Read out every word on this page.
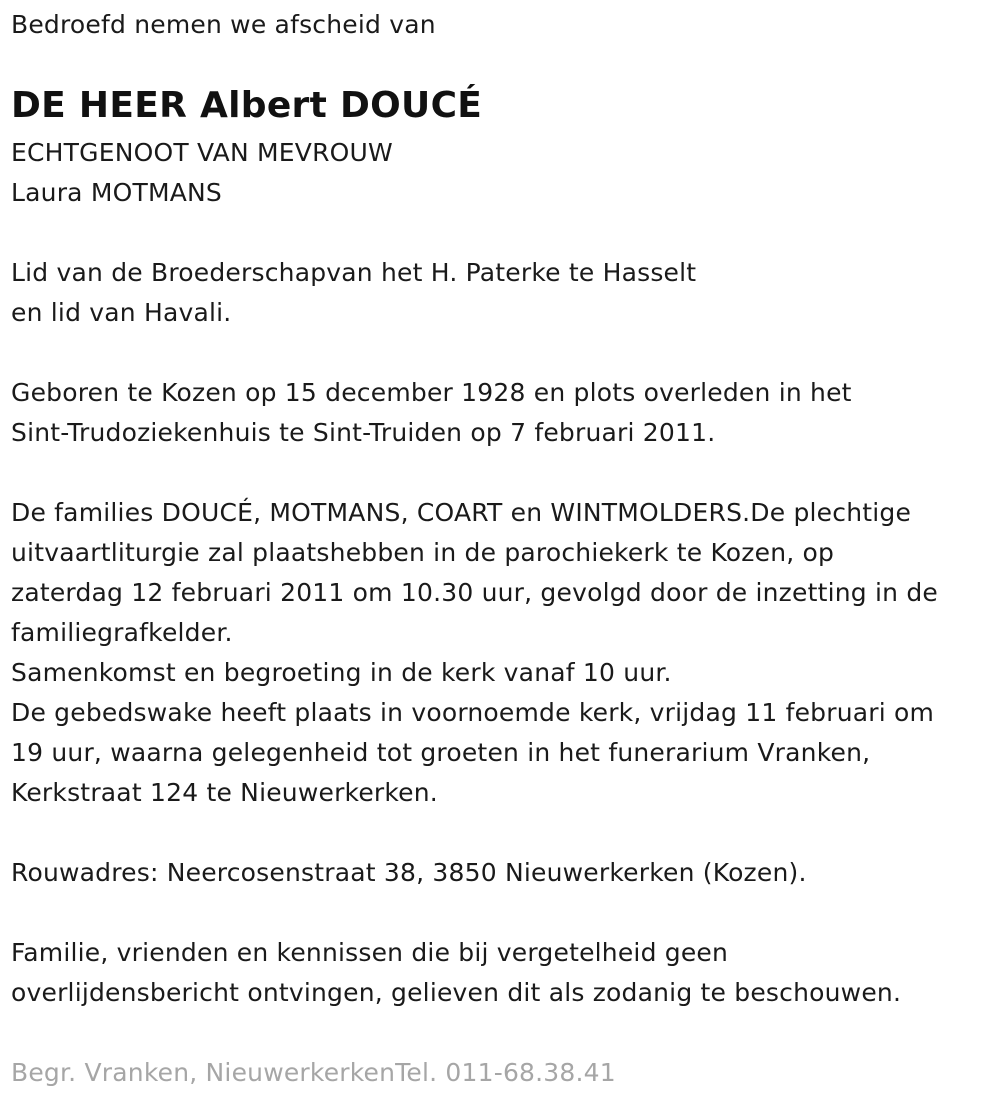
Bedroefd nemen we afscheid van
DE HEER Albert DOUCÉ
ECHTGENOOT VAN MEVROUW
Laura MOTMANS
Lid van de Broederschapvan het H. Paterke te Hasselt
en lid van Havali.
Geboren te Kozen op 15 december 1928 en plots overleden in het
Sint-Trudoziekenhuis te Sint-Truiden op 7 februari 2011.
De families DOUCÉ, MOTMANS, COART en WINTMOLDERS.De plechtige
uitvaartliturgie zal plaatshebben in de parochiekerk te Kozen, op
zaterdag 12 februari 2011 om 10.30 uur, gevolgd door de inzetting in de
familiegrafkelder.
Samenkomst en begroeting in de kerk vanaf 10 uur.
De gebedswake heeft plaats in voornoemde kerk, vrijdag 11 februari om
19 uur, waarna gelegenheid tot groeten in het funerarium Vranken,
Kerkstraat 124 te Nieuwerkerken.
Rouwadres: Neercosenstraat 38, 3850 Nieuwerkerken (Kozen).
Familie, vrienden en kennissen die bij vergetelheid geen
overlijdensbericht ontvingen, gelieven dit als zodanig te beschouwen.
Begr. Vranken, NieuwerkerkenTel. 011-68.38.41
